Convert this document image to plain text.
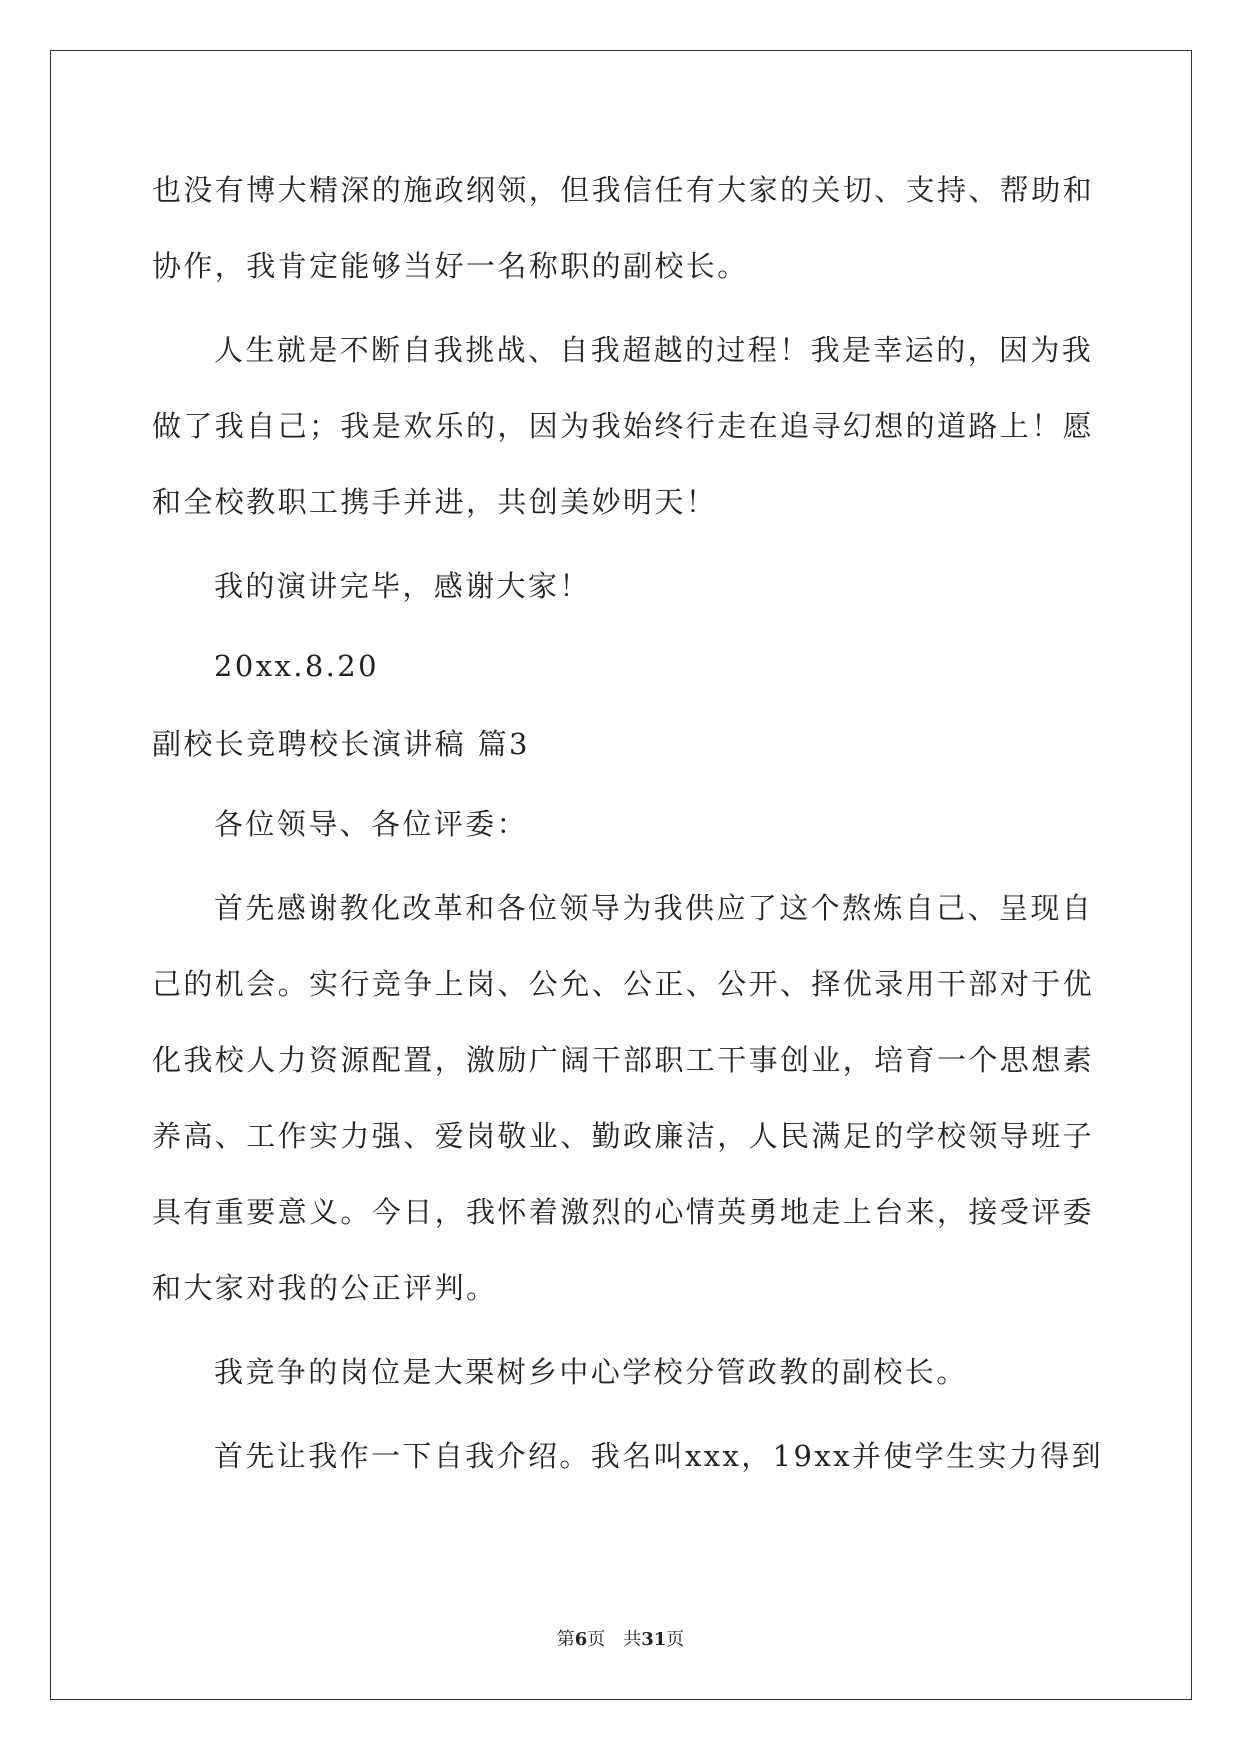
也没有博大精深的施政纲领，但我信任有大家的关切、支持、帮助和
协作，我肯定能够当好一名称职的副校长。
人生就是不断自我挑战、自我超越的过程！我是幸运的，因为我
做了我自己；我是欢乐的，因为我始终行走在追寻幻想的道路上！愿
和全校教职工携手并进，共创美妙明天！
我的演讲完毕，感谢大家！
20xx.8.20
副校长竞聘校长演讲稿 篇3
各位领导、各位评委：
首先感谢教化改革和各位领导为我供应了这个熬炼自己、呈现自
己的机会。实行竞争上岗、公允、公正、公开、择优录用干部对于优
化我校人力资源配置，激励广阔干部职工干事创业，培育一个思想素
养高、工作实力强、爱岗敬业、勤政廉洁，人民满足的学校领导班子
具有重要意义。今日，我怀着激烈的心情英勇地走上台来，接受评委
和大家对我的公正评判。
我竞争的岗位是大栗树乡中心学校分管政教的副校长。
首先让我作一下自我介绍。我名叫xxx，19xx并使学生实力得到
第6页　共31页
